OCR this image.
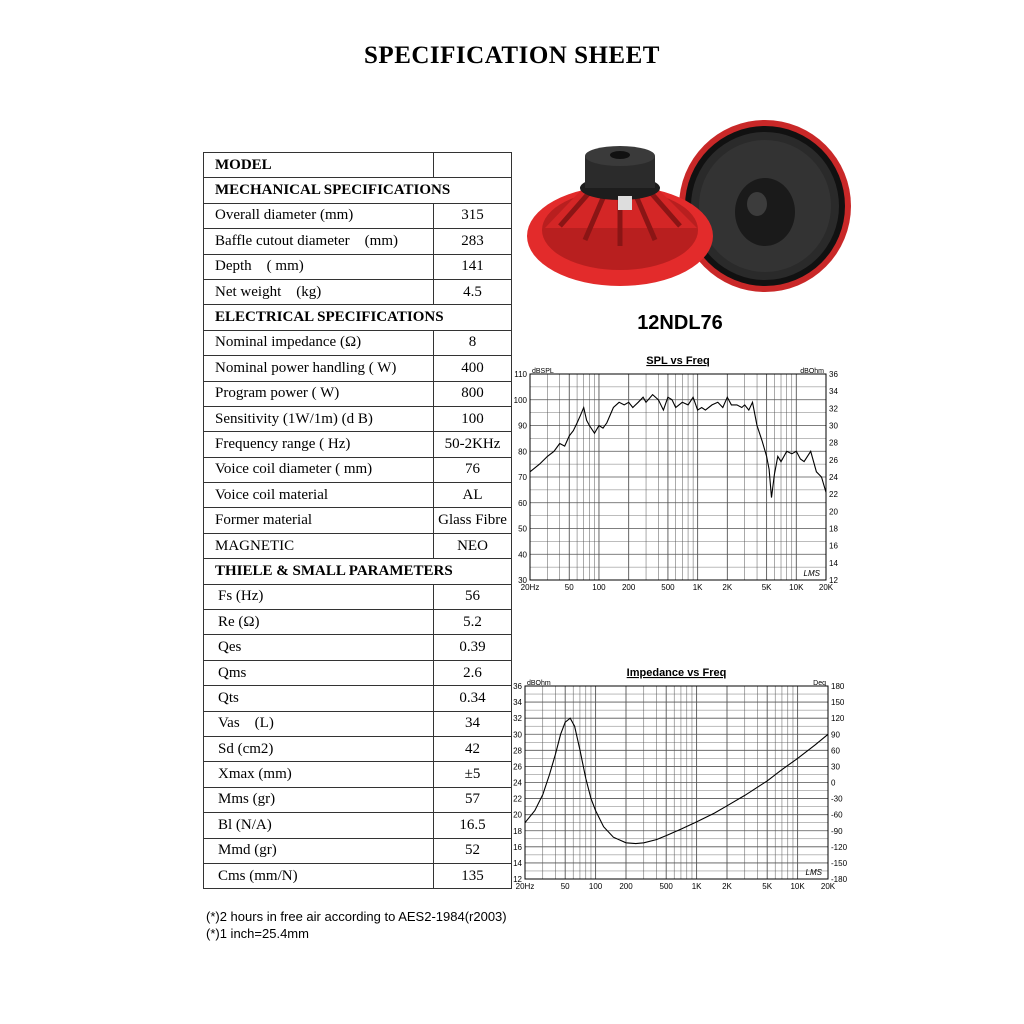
SPECIFICATION SHEET
MODEL	
MECHANICAL SPECIFICATIONS	
Overall diameter (mm)	315
Baffle cutout diameter　(mm)	283
Depth　( mm)	141
Net weight　(kg)	4.5
ELECTRICAL SPECIFICATIONS	
Nominal impedance (Ω)	8
Nominal power handling ( W)	400
Program power ( W)	800
Sensitivity (1W/1m) (d B)	100
Frequency range ( Hz)	50-2KHz
Voice coil diameter ( mm)	76
Voice coil material	AL
Former material	Glass Fibre
MAGNETIC	NEO
THIELE & SMALL PARAMETERS	
Fs (Hz)	56
Re (Ω)	5.2
Qes	0.39
Qms	2.6
Qts	0.34
Vas　(L)	34
Sd (cm2)	42
Xmax (mm)	±5
Mms (gr)	57
Bl (N/A)	16.5
Mmd (gr)	52
Cms (mm/N)	135
12NDL76
SPL vs Freq
dBSPL	dBOhm
30
40
50
60
70
80
90
100
110
12
14
16
18
20
22
24
26
28
30
32
34
36
20Hz	50 100 200	500 1K 2K	5K 10K 20K
LMS
Impedance vs Freq
dBOhm	Deg
12
14
16
18
20
22
24
26
28
30
32
34
36
-180
-150
-120
-90
-60
-30
0
30
60
90
120
150
180
20Hz	50 100 200	500 1K	2K	5K 10K 20K
LMS
(*)2 hours in free air according to AES2-1984(r2003)
(*)1 inch=25.4mm
